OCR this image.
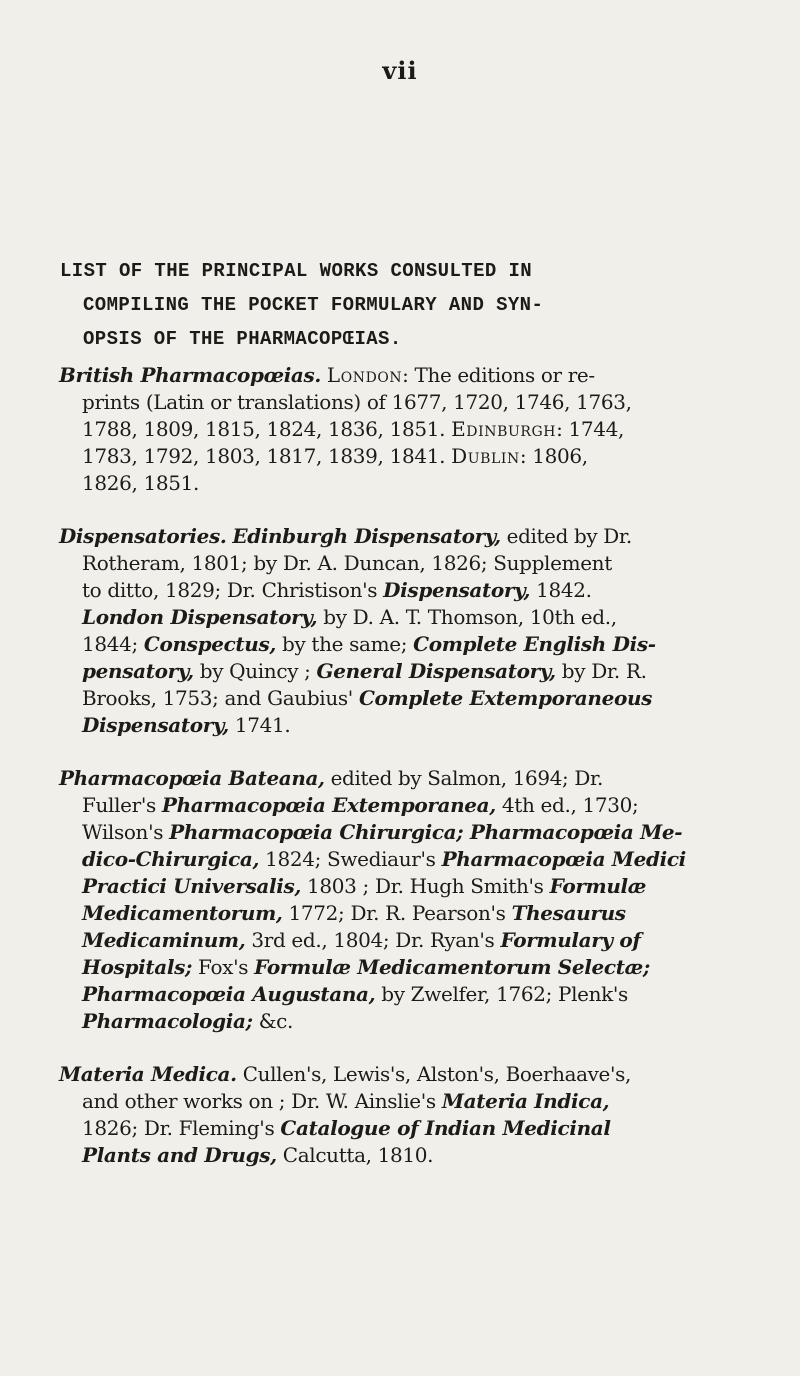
vii
LIST OF THE PRINCIPAL WORKS CONSULTED IN
COMPILING THE POCKET FORMULARY AND SYN-
OPSIS OF THE PHARMACOPŒIAS.
British Pharmacopœias. London: The editions or re-
prints (Latin or translations) of 1677, 1720, 1746, 1763,
1788, 1809, 1815, 1824, 1836, 1851. Edinburgh: 1744,
1783, 1792, 1803, 1817, 1839, 1841. Dublin: 1806,
1826, 1851.
Dispensatories. Edinburgh Dispensatory, edited by Dr.
Rotheram, 1801; by Dr. A. Duncan, 1826; Supplement
to ditto, 1829; Dr. Christison's Dispensatory, 1842.
London Dispensatory, by D. A. T. Thomson, 10th ed.,
1844; Conspectus, by the same; Complete English Dis-
pensatory, by Quincy ; General Dispensatory, by Dr. R.
Brooks, 1753; and Gaubius' Complete Extemporaneous
Dispensatory, 1741.
Pharmacopœia Bateana, edited by Salmon, 1694; Dr.
Fuller's Pharmacopœia Extemporanea, 4th ed., 1730;
Wilson's Pharmacopœia Chirurgica; Pharmacopœia Me-
dico-Chirurgica, 1824; Swediaur's Pharmacopœia Medici
Practici Universalis, 1803 ; Dr. Hugh Smith's Formulæ
Medicamentorum, 1772; Dr. R. Pearson's Thesaurus
Medicaminum, 3rd ed., 1804; Dr. Ryan's Formulary of
Hospitals; Fox's Formulæ Medicamentorum Selectæ;
Pharmacopœia Augustana, by Zwelfer, 1762; Plenk's
Pharmacologia; &c.
Materia Medica. Cullen's, Lewis's, Alston's, Boerhaave's,
and other works on ; Dr. W. Ainslie's Materia Indica,
1826; Dr. Fleming's Catalogue of Indian Medicinal
Plants and Drugs, Calcutta, 1810.
